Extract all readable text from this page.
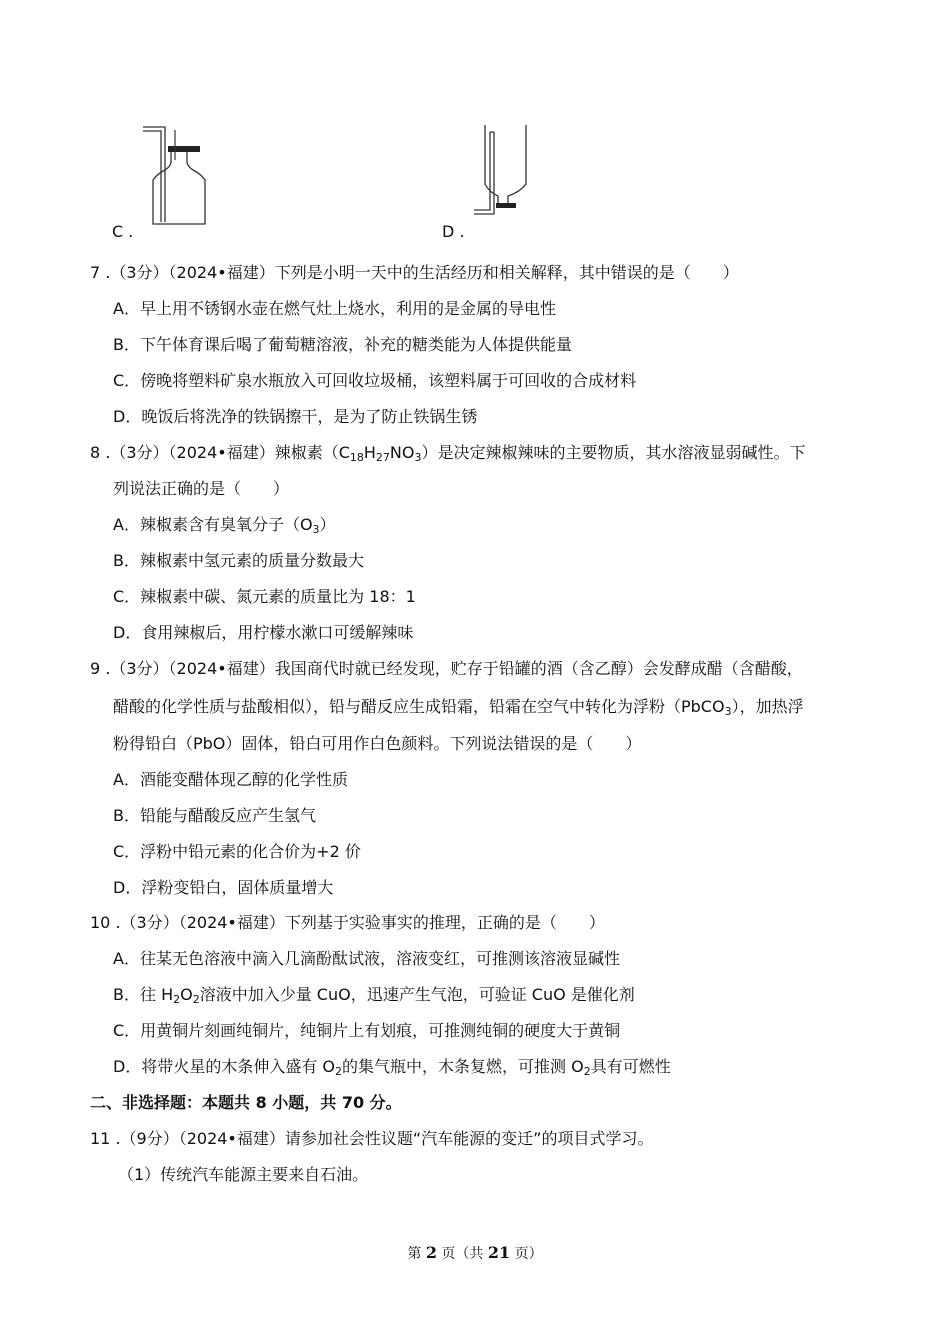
C .	D .
7 .（3分）（2024•福建）下列是小明一天中的生活经历和相关解释，其中错误的是（　　）
A．早上用不锈钢水壶在燃气灶上烧水，利用的是金属的导电性
B．下午体育课后喝了葡萄糖溶液，补充的糖类能为人体提供能量
C．傍晚将塑料矿泉水瓶放入可回收垃圾桶，该塑料属于可回收的合成材料
D．晚饭后将洗净的铁锅擦干，是为了防止铁锅生锈
8 .（3分）（2024•福建）辣椒素$(C_{18}H_{27}NO_3)$是决定辣椒辣味的主要物质，其水溶液显弱碱性。下
列说法正确的是（　　）
A．辣椒素含有臭氧分子$(O_3)$
B．辣椒素中氢元素的质量分数最大
C．辣椒素中碳、氮元素的质量比为 18：1
D．食用辣椒后，用柠檬水漱口可缓解辣味
9 .（3分）（2024•福建）我国商代时就已经发现，贮存于铅罐的酒（含乙醇）会发酵成醋（含醋酸，
醋酸的化学性质与盐酸相似），铅与醋反应生成铅霜，铅霜在空气中转化为浮粉（PbCO$_3$），加热浮
粉得铅白（PbO）固体，铅白可用作白色颜料。下列说法错误的是（　　）
A．酒能变醋体现乙醇的化学性质
B．铅能与醋酸反应产生氢气
C．浮粉中铅元素的化合价为+2 价
D．浮粉变铅白，固体质量增大
10 .（3分）（2024•福建）下列基于实验事实的推理，正确的是（　　）
A．往某无色溶液中滴入几滴酚酞试液，溶液变红，可推测该溶液显碱性
B．往 $H_2O_2$溶液中加入少量 CuO，迅速产生气泡，可验证 CuO 是催化剂
C．用黄铜片刻画纯铜片，纯铜片上有划痕，可推测纯铜的硬度大于黄铜
D．将带火星的木条伸入盛有 $O_2$的集气瓶中，木条复燃，可推测 $O_2$具有可燃性
二、非选择题：本题共 8 小题，共 70 分。
11 .（9分）（2024•福建）请参加社会性议题“汽车能源的变迁”的项目式学习。
（1）传统汽车能源主要来自石油。
第 2 页（共 21 页）
